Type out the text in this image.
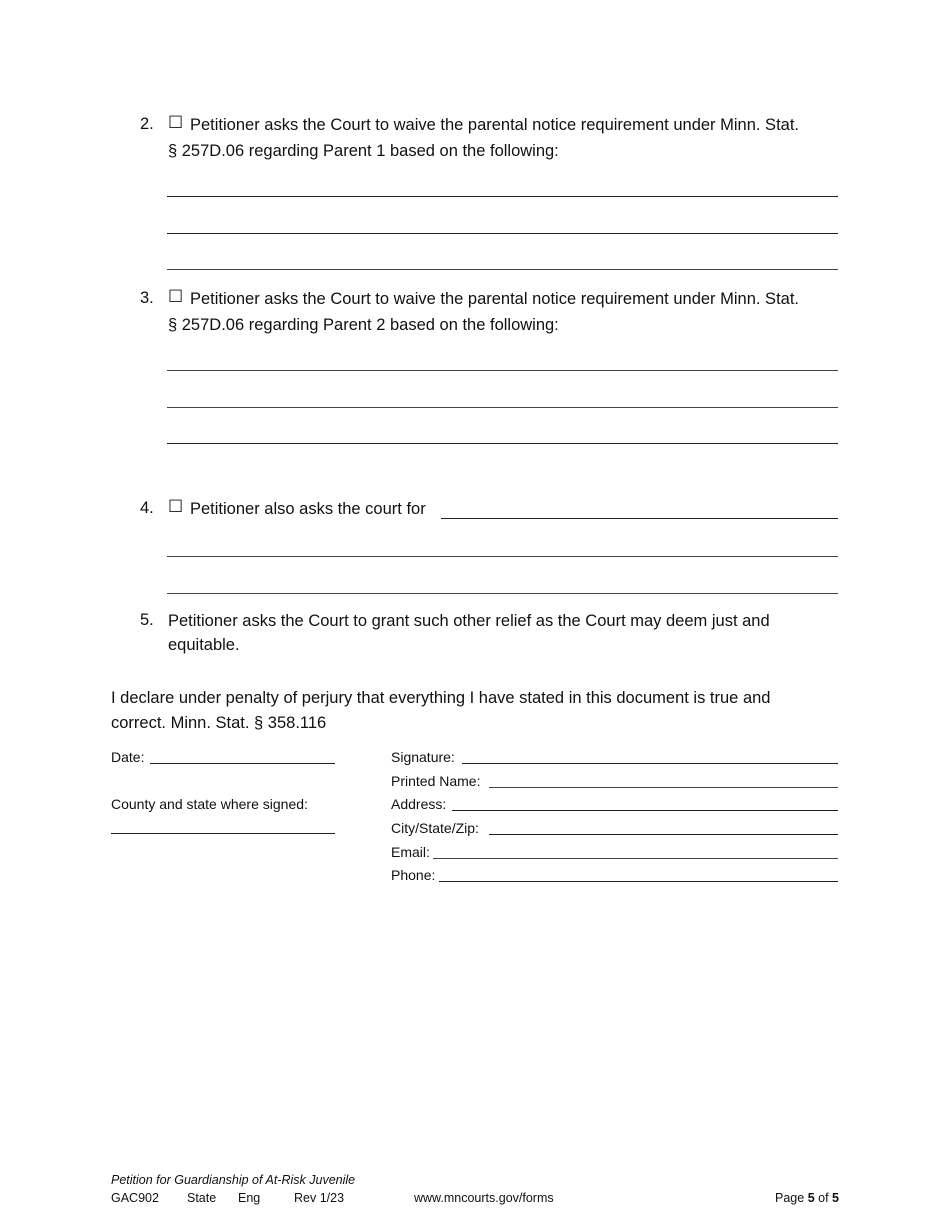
2. ☐ Petitioner asks the Court to waive the parental notice requirement under Minn. Stat.
§ 257D.06 regarding Parent 1 based on the following:
3. ☐ Petitioner asks the Court to waive the parental notice requirement under Minn. Stat.
§ 257D.06 regarding Parent 2 based on the following:
4. ☐ Petitioner also asks the court for
5. Petitioner asks the Court to grant such other relief as the Court may deem just and
equitable.
I declare under penalty of perjury that everything I have stated in this document is true and
correct. Minn. Stat. § 358.116
Date:
County and state where signed:
Signature:
Printed Name:
Address:
City/State/Zip:
Email:
Phone:
Petition for Guardianship of At-Risk Juvenile
GAC902 State Eng	Rev 1/23	www.mncourts.gov/forms	Page 5 of 5
